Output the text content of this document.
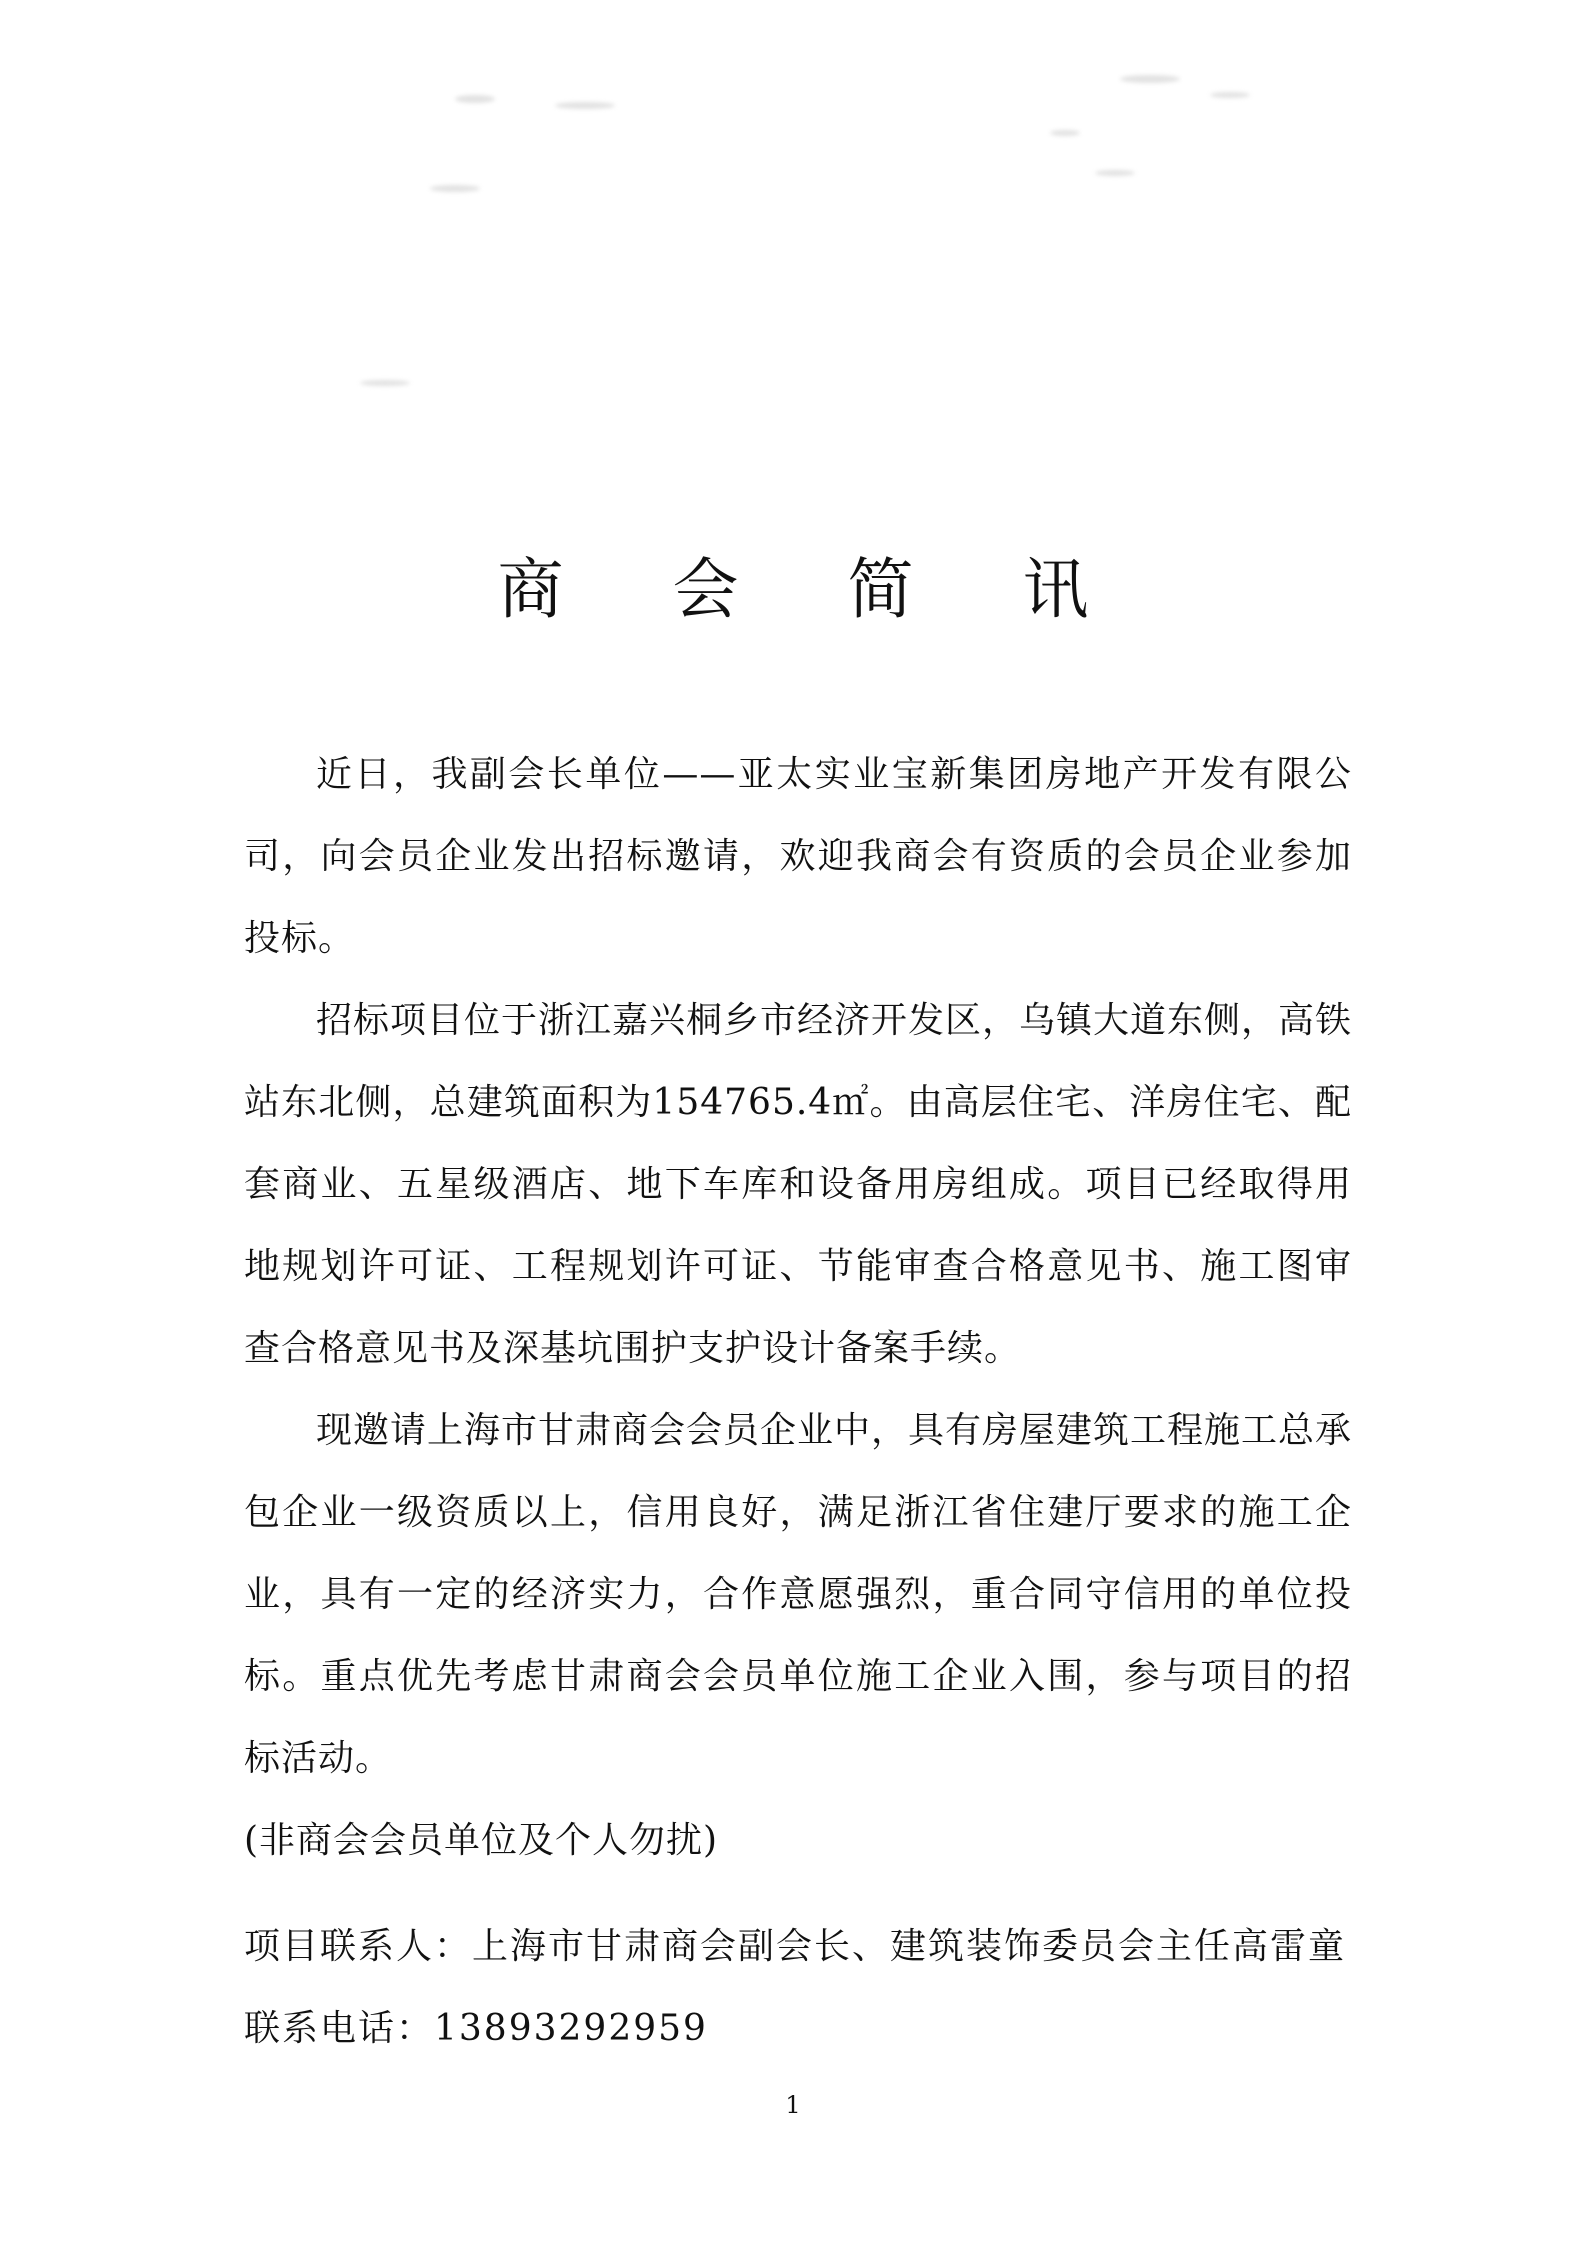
商 会 简 讯

近日，我副会长单位——亚太实业宝新集团房地产开发有限公司，向会员企业发出招标邀请，欢迎我商会有资质的会员企业参加投标。

招标项目位于浙江嘉兴桐乡市经济开发区，乌镇大道东侧，高铁站东北侧，总建筑面积为154765.4㎡。由高层住宅、洋房住宅、配套商业、五星级酒店、地下车库和设备用房组成。项目已经取得用地规划许可证、工程规划许可证、节能审查合格意见书、施工图审查合格意见书及深基坑围护支护设计备案手续。

现邀请上海市甘肃商会会员企业中，具有房屋建筑工程施工总承包企业一级资质以上，信用良好，满足浙江省住建厅要求的施工企业，具有一定的经济实力，合作意愿强烈，重合同守信用的单位投标。重点优先考虑甘肃商会会员单位施工企业入围，参与项目的招标活动。

(非商会会员单位及个人勿扰)

项目联系人：上海市甘肃商会副会长、建筑装饰委员会主任高雷童

联系电话：13893292959

1
